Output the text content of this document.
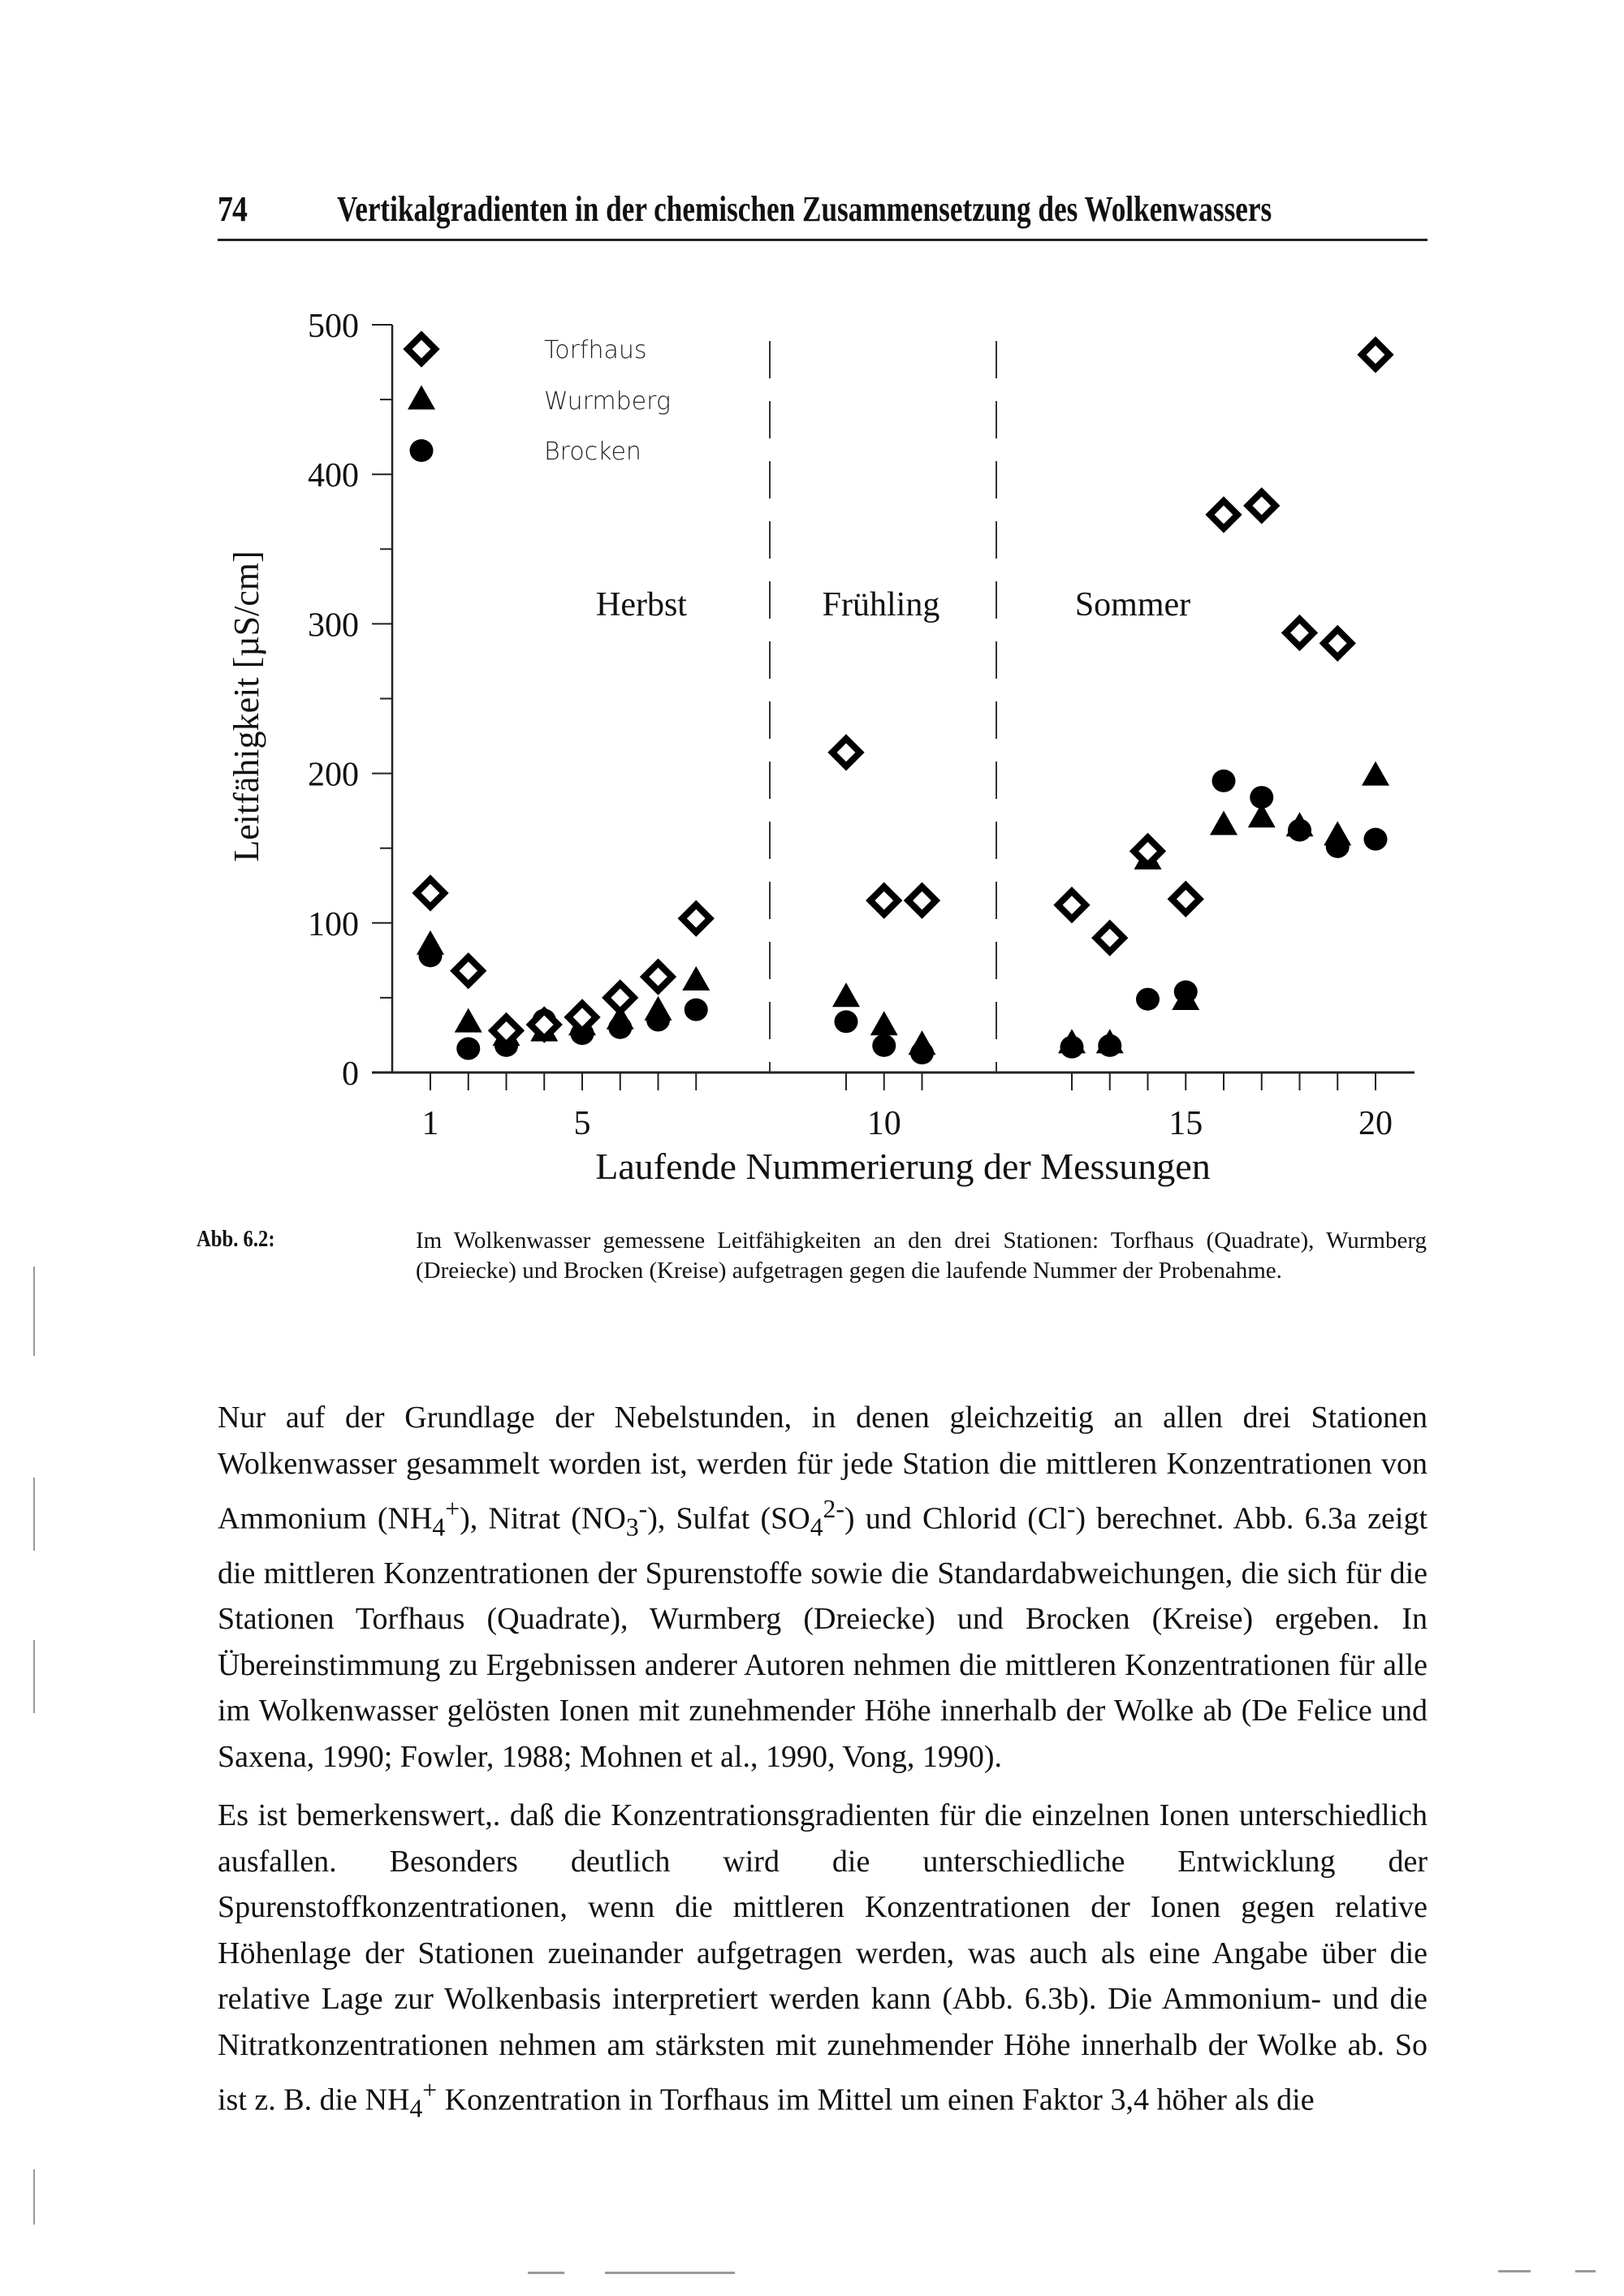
74	Vertikalgradienten in der chemischen Zusammensetzung des Wolkenwassers
0
100
200
300
400
500
1	5	10	15	20
Herbst	Frühling	Sommer
Torfhaus
Wurmberg
Brocken
Leitfähigkeit [µS/cm]
Laufende Nummerierung der Messungen
Abb. 6.2:	Im Wolkenwasser gemessene Leitfähigkeiten an den drei Stationen: Torfhaus (Quadrate), Wurmberg (Dreiecke) und Brocken (Kreise) aufgetragen gegen die laufende Nummer der Probenahme.
Nur auf der Grundlage der Nebelstunden, in denen gleichzeitig an allen drei Stationen Wolkenwasser gesammelt worden ist, werden für jede Station die mittleren Konzentrationen von Ammonium $(NH_4^+)$, Nitrat $(NO_3^-)$, Sulfat $(SO_4^{2-})$ und Chlorid (Cl-) berechnet. Abb. 6.3a zeigt die mittleren Konzentrationen der Spurenstoffe sowie die Standardabweichungen, die sich für die Stationen Torfhaus (Quadrate), Wurmberg (Dreiecke) und Brocken (Kreise) ergeben. In Übereinstimmung zu Ergebnissen anderer Autoren nehmen die mittleren Konzentrationen für alle im Wolkenwasser gelösten Ionen mit zunehmender Höhe innerhalb der Wolke ab (De Felice und Saxena, 1990; Fowler, 1988; Mohnen et al., 1990, Vong, 1990).
Es ist bemerkenswert,. daß die Konzentrationsgradienten für die einzelnen Ionen unterschiedlich ausfallen. Besonders deutlich wird die unterschiedliche Entwicklung der Spurenstoffkonzentrationen, wenn die mittleren Konzentrationen der Ionen gegen relative Höhenlage der Stationen zueinander aufgetragen werden, was auch als eine Angabe über die relative Lage zur Wolkenbasis interpretiert werden kann (Abb. 6.3b). Die Ammonium- und die Nitratkonzentrationen nehmen am stärksten mit zunehmender Höhe innerhalb der Wolke ab. So ist z. B. die $NH_4^+$ Konzentration in Torfhaus im Mittel um einen Faktor 3,4 höher als die
